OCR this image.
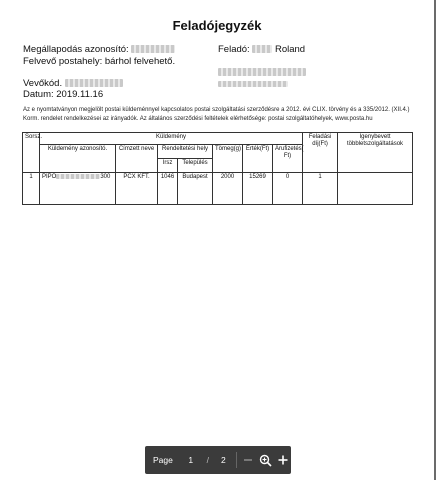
Feladójegyzék
Megállapodás azonosító:	Feladó:	Roland
Felvevő postahely: bárhol felvehető.
Vevőkód.
Datum: 2019.11.16
Az e nyomtatványon megjelölt postai küldeménnyel kapcsolatos postai szolgáltatási szerződésre a 2012. évi CLIX. törvény és a 335/2012. (XII.4.) Korm. rendelet rendelkezései az irányadók. Az általános szerződési feltételek elérhetősége: postai szolgáltatóhelyek, www.posta.hu
Sorsz.	Küldemény							Feladási díj(Ft)	Igenybevett többletszolgáltatások
	Küldemény azonosító.	Címzett neve	Rendeltetési hely		Tömeg(g)	Érték(Ft)	Árufizetés( Ft)		
			Irsz	Település					
1	PIPO 300	PCX KFT.	1046	Budapest	2000	15269	0	1	
Page 1 / 2
